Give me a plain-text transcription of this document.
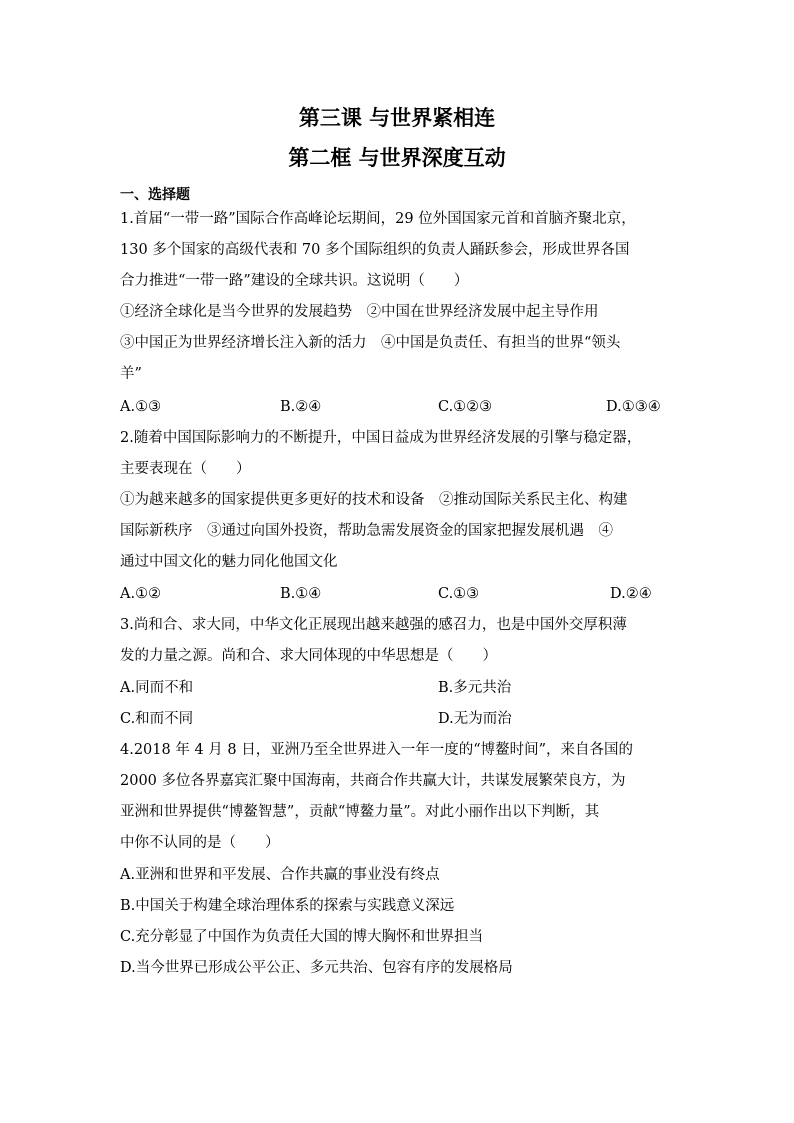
第三课 与世界紧相连
第二框 与世界深度互动
一、选择题
1.首届“一带一路”国际合作高峰论坛期间，29 位外国国家元首和首脑齐聚北京，
130 多个国家的高级代表和 70 多个国际组织的负责人踊跃参会，形成世界各国
合力推进“一带一路”建设的全球共识。这说明（　　）
①经济全球化是当今世界的发展趋势　②中国在世界经济发展中起主导作用
③中国正为世界经济增长注入新的活力　④中国是负责任、有担当的世界“领头
羊”
A.①③	B.②④	C.①②③	D.①③④
2.随着中国国际影响力的不断提升，中国日益成为世界经济发展的引擎与稳定器，
主要表现在（　　）
①为越来越多的国家提供更多更好的技术和设备　②推动国际关系民主化、构建
国际新秩序　③通过向国外投资，帮助急需发展资金的国家把握发展机遇　④
通过中国文化的魅力同化他国文化
A.①②	B.①④	C.①③	D.②④
3.尚和合、求大同，中华文化正展现出越来越强的感召力，也是中国外交厚积薄
发的力量之源。尚和合、求大同体现的中华思想是（　　）
A.同而不和	B.多元共治
C.和而不同	D.无为而治
4.2018 年 4 月 8 日，亚洲乃至全世界进入一年一度的“博鳌时间”，来自各国的
2000 多位各界嘉宾汇聚中国海南，共商合作共赢大计，共谋发展繁荣良方，为
亚洲和世界提供“博鳌智慧”，贡献“博鳌力量”。对此小丽作出以下判断，其
中你不认同的是（　　）
A.亚洲和世界和平发展、合作共赢的事业没有终点
B.中国关于构建全球治理体系的探索与实践意义深远
C.充分彰显了中国作为负责任大国的博大胸怀和世界担当
D.当今世界已形成公平公正、多元共治、包容有序的发展格局
